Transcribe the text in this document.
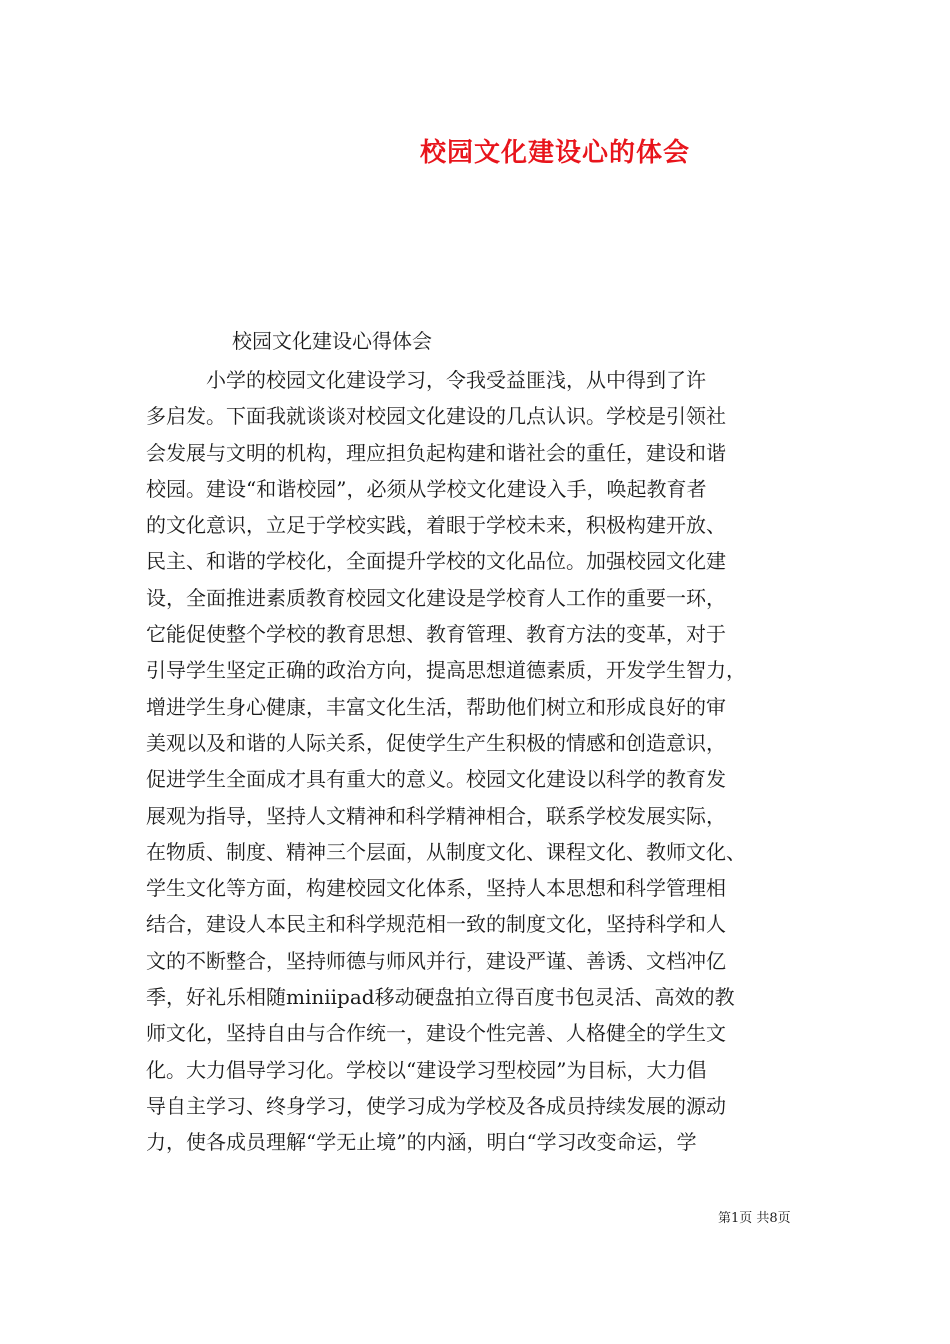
校园文化建设心的体会
校园文化建设心得体会
　　　小学的校园文化建设学习，令我受益匪浅，从中得到了许
多启发。下面我就谈谈对校园文化建设的几点认识。学校是引领社
会发展与文明的机构，理应担负起构建和谐社会的重任，建设和谐
校园。建设“和谐校园”，必须从学校文化建设入手，唤起教育者
的文化意识，立足于学校实践，着眼于学校未来，积极构建开放、
民主、和谐的学校化，全面提升学校的文化品位。加强校园文化建
设，全面推进素质教育校园文化建设是学校育人工作的重要一环，
它能促使整个学校的教育思想、教育管理、教育方法的变革，对于
引导学生坚定正确的政治方向，提高思想道德素质，开发学生智力，
增进学生身心健康，丰富文化生活，帮助他们树立和形成良好的审
美观以及和谐的人际关系，促使学生产生积极的情感和创造意识，
促进学生全面成才具有重大的意义。校园文化建设以科学的教育发
展观为指导，坚持人文精神和科学精神相合，联系学校发展实际，
在物质、制度、精神三个层面，从制度文化、课程文化、教师文化、
学生文化等方面，构建校园文化体系，坚持人本思想和科学管理相
结合，建设人本民主和科学规范相一致的制度文化，坚持科学和人
文的不断整合，坚持师德与师风并行，建设严谨、善诱、文档冲亿
季，好礼乐相随miniipad移动硬盘拍立得百度书包灵活、高效的教
师文化，坚持自由与合作统一，建设个性完善、人格健全的学生文
化。大力倡导学习化。学校以“建设学习型校园”为目标，大力倡
导自主学习、终身学习，使学习成为学校及各成员持续发展的源动
力，使各成员理解“学无止境”的内涵，明白“学习改变命运，学
第1页 共8页
